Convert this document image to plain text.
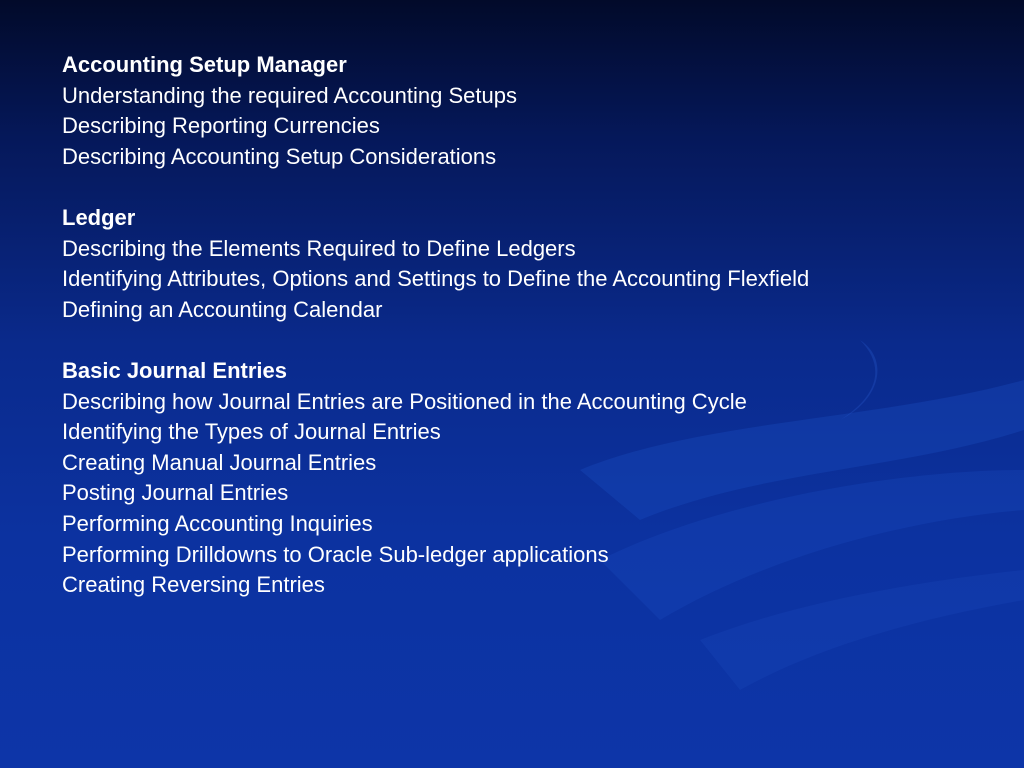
Accounting Setup Manager
Understanding the required Accounting Setups
Describing Reporting Currencies
Describing Accounting Setup Considerations
Ledger
Describing the Elements Required to Define Ledgers
Identifying Attributes, Options and Settings to Define the Accounting Flexfield
Defining an Accounting Calendar
Basic Journal Entries
Describing how Journal Entries are Positioned in the Accounting Cycle
Identifying the Types of Journal Entries
Creating Manual Journal Entries
Posting Journal Entries
Performing Accounting Inquiries
Performing Drilldowns to Oracle Sub-ledger applications
Creating Reversing Entries
